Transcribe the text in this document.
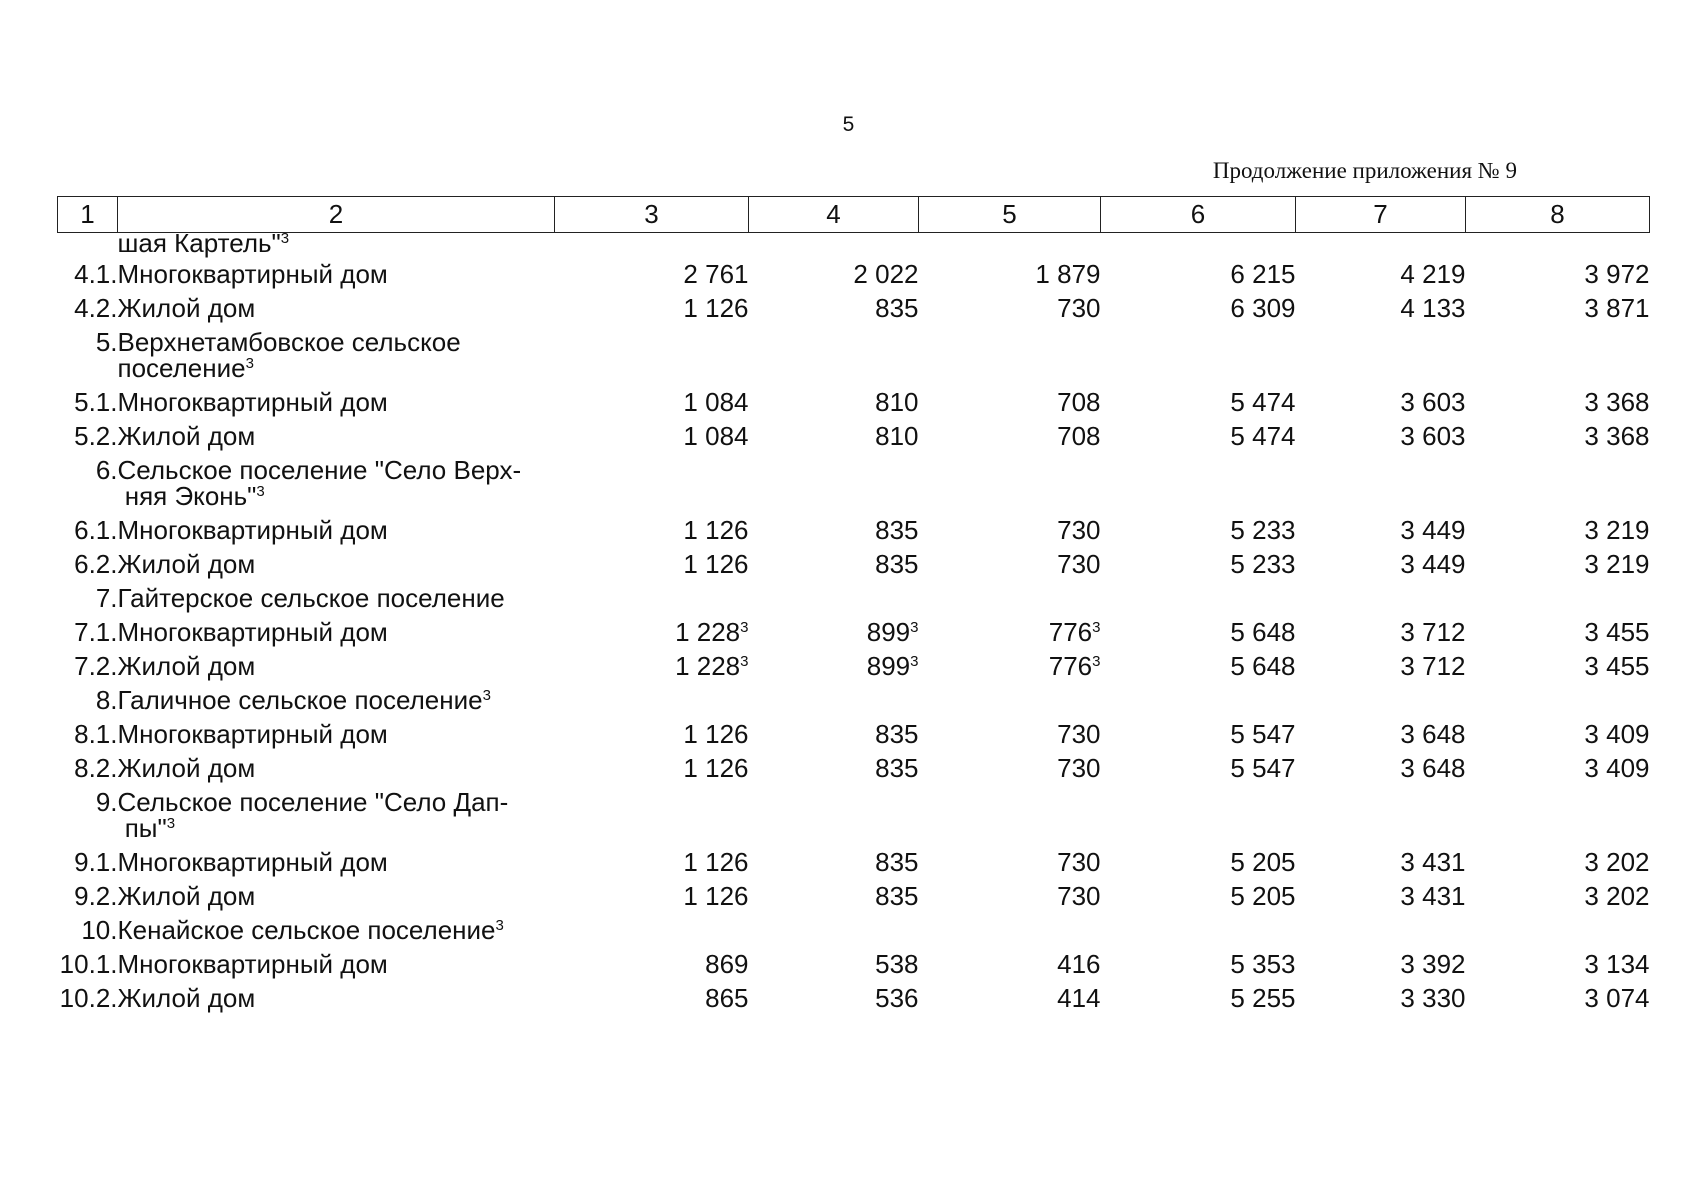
5
Продолжение приложения № 9
1	2	3	4	5	6	7	8
	шая Картель"$^3$						
4.1.	Многоквартирный дом	2 761	2 022	1 879	6 215	4 219	3 972
4.2.	Жилой дом	1 126	835	730	6 309	4 133	3 871
5.	Верхнетамбовское сельское поселение$^3$						
5.1.	Многоквартирный дом	1 084	810	708	5 474	3 603	3 368
5.2.	Жилой дом	1 084	810	708	5 474	3 603	3 368
6.	Сельское поселение "Село Верх- няя Эконь"$^3$						
6.1.	Многоквартирный дом	1 126	835	730	5 233	3 449	3 219
6.2.	Жилой дом	1 126	835	730	5 233	3 449	3 219
7.	Гайтерское сельское поселение						
7.1.	Многоквартирный дом	1 $228^3$	$899^3$	$776^3$	5 648	3 712	3 455
7.2.	Жилой дом	1 $228^3$	$899^3$	$776^3$	5 648	3 712	3 455
8.	Галичное сельское поселение$^3$						
8.1.	Многоквартирный дом	1 126	835	730	5 547	3 648	3 409
8.2.	Жилой дом	1 126	835	730	5 547	3 648	3 409
9.	Сельское поселение "Село Дап- пы"$^3$						
9.1.	Многоквартирный дом	1 126	835	730	5 205	3 431	3 202
9.2.	Жилой дом	1 126	835	730	5 205	3 431	3 202
10.	Кенайское сельское поселение$^3$						
10.1.	Многоквартирный дом	869	538	416	5 353	3 392	3 134
10.2.	Жилой дом	865	536	414	5 255	3 330	3 074
